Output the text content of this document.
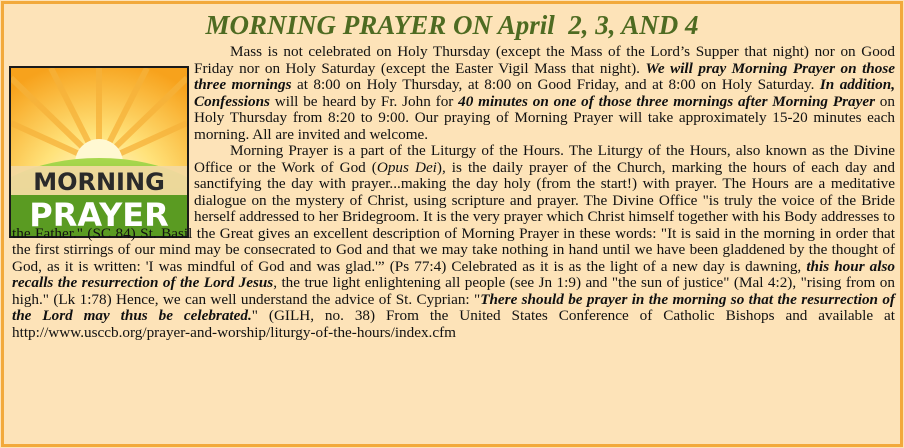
MORNING PRAYER ON April  2, 3, AND 4
MORNING
PRAYER

Mass is not celebrated on Holy Thursday (except the Mass of the Lord’s Supper that night) nor on Good Friday nor on Holy Saturday (except the Easter Vigil Mass that night). We will pray Morning Prayer on those three mornings at 8:00 on Holy Thursday, at 8:00 on Good Friday, and at 8:00 on Holy Saturday. In addition, Confessions will be heard by Fr. John for 40 minutes on one of those three mornings after Morning Prayer on Holy Thursday from 8:20 to 9:00. Our praying of Morning Prayer will take approximately 15-20 minutes each morning. All are invited and welcome.

Morning Prayer is a part of the Liturgy of the Hours. The Liturgy of the Hours, also known as the Divine Office or the Work of God (Opus Dei), is the daily prayer of the Church, marking the hours of each day and sanctifying the day with prayer...making the day holy (from the start!) with prayer. The Hours are a meditative dialogue on the mystery of Christ, using scripture and prayer. The Divine Office "is truly the voice of the Bride herself addressed to her Bridegroom. It is the very prayer which Christ himself together with his Body addresses to the Father." (SC 84) St. Basil the Great gives an excellent description of Morning Prayer in these words: "It is said in the morning in order that the first stirrings of our mind may be consecrated to God and that we may take nothing in hand until we have been gladdened by the thought of God, as it is written: 'I was mindful of God and was glad.'” (Ps 77:4) Celebrated as it is as the light of a new day is dawning, this hour also recalls the resurrection of the Lord Jesus, the true light enlightening all people (see Jn 1:9) and "the sun of justice" (Mal 4:2), "rising from on high." (Lk 1:78) Hence, we can well understand the advice of St. Cyprian: "There should be prayer in the morning so that the resurrection of the Lord may thus be celebrated." (GILH, no. 38) From the United States Conference of Catholic Bishops and available at http://www.usccb.org/prayer-and-worship/liturgy-of-the-hours/index.cfm
